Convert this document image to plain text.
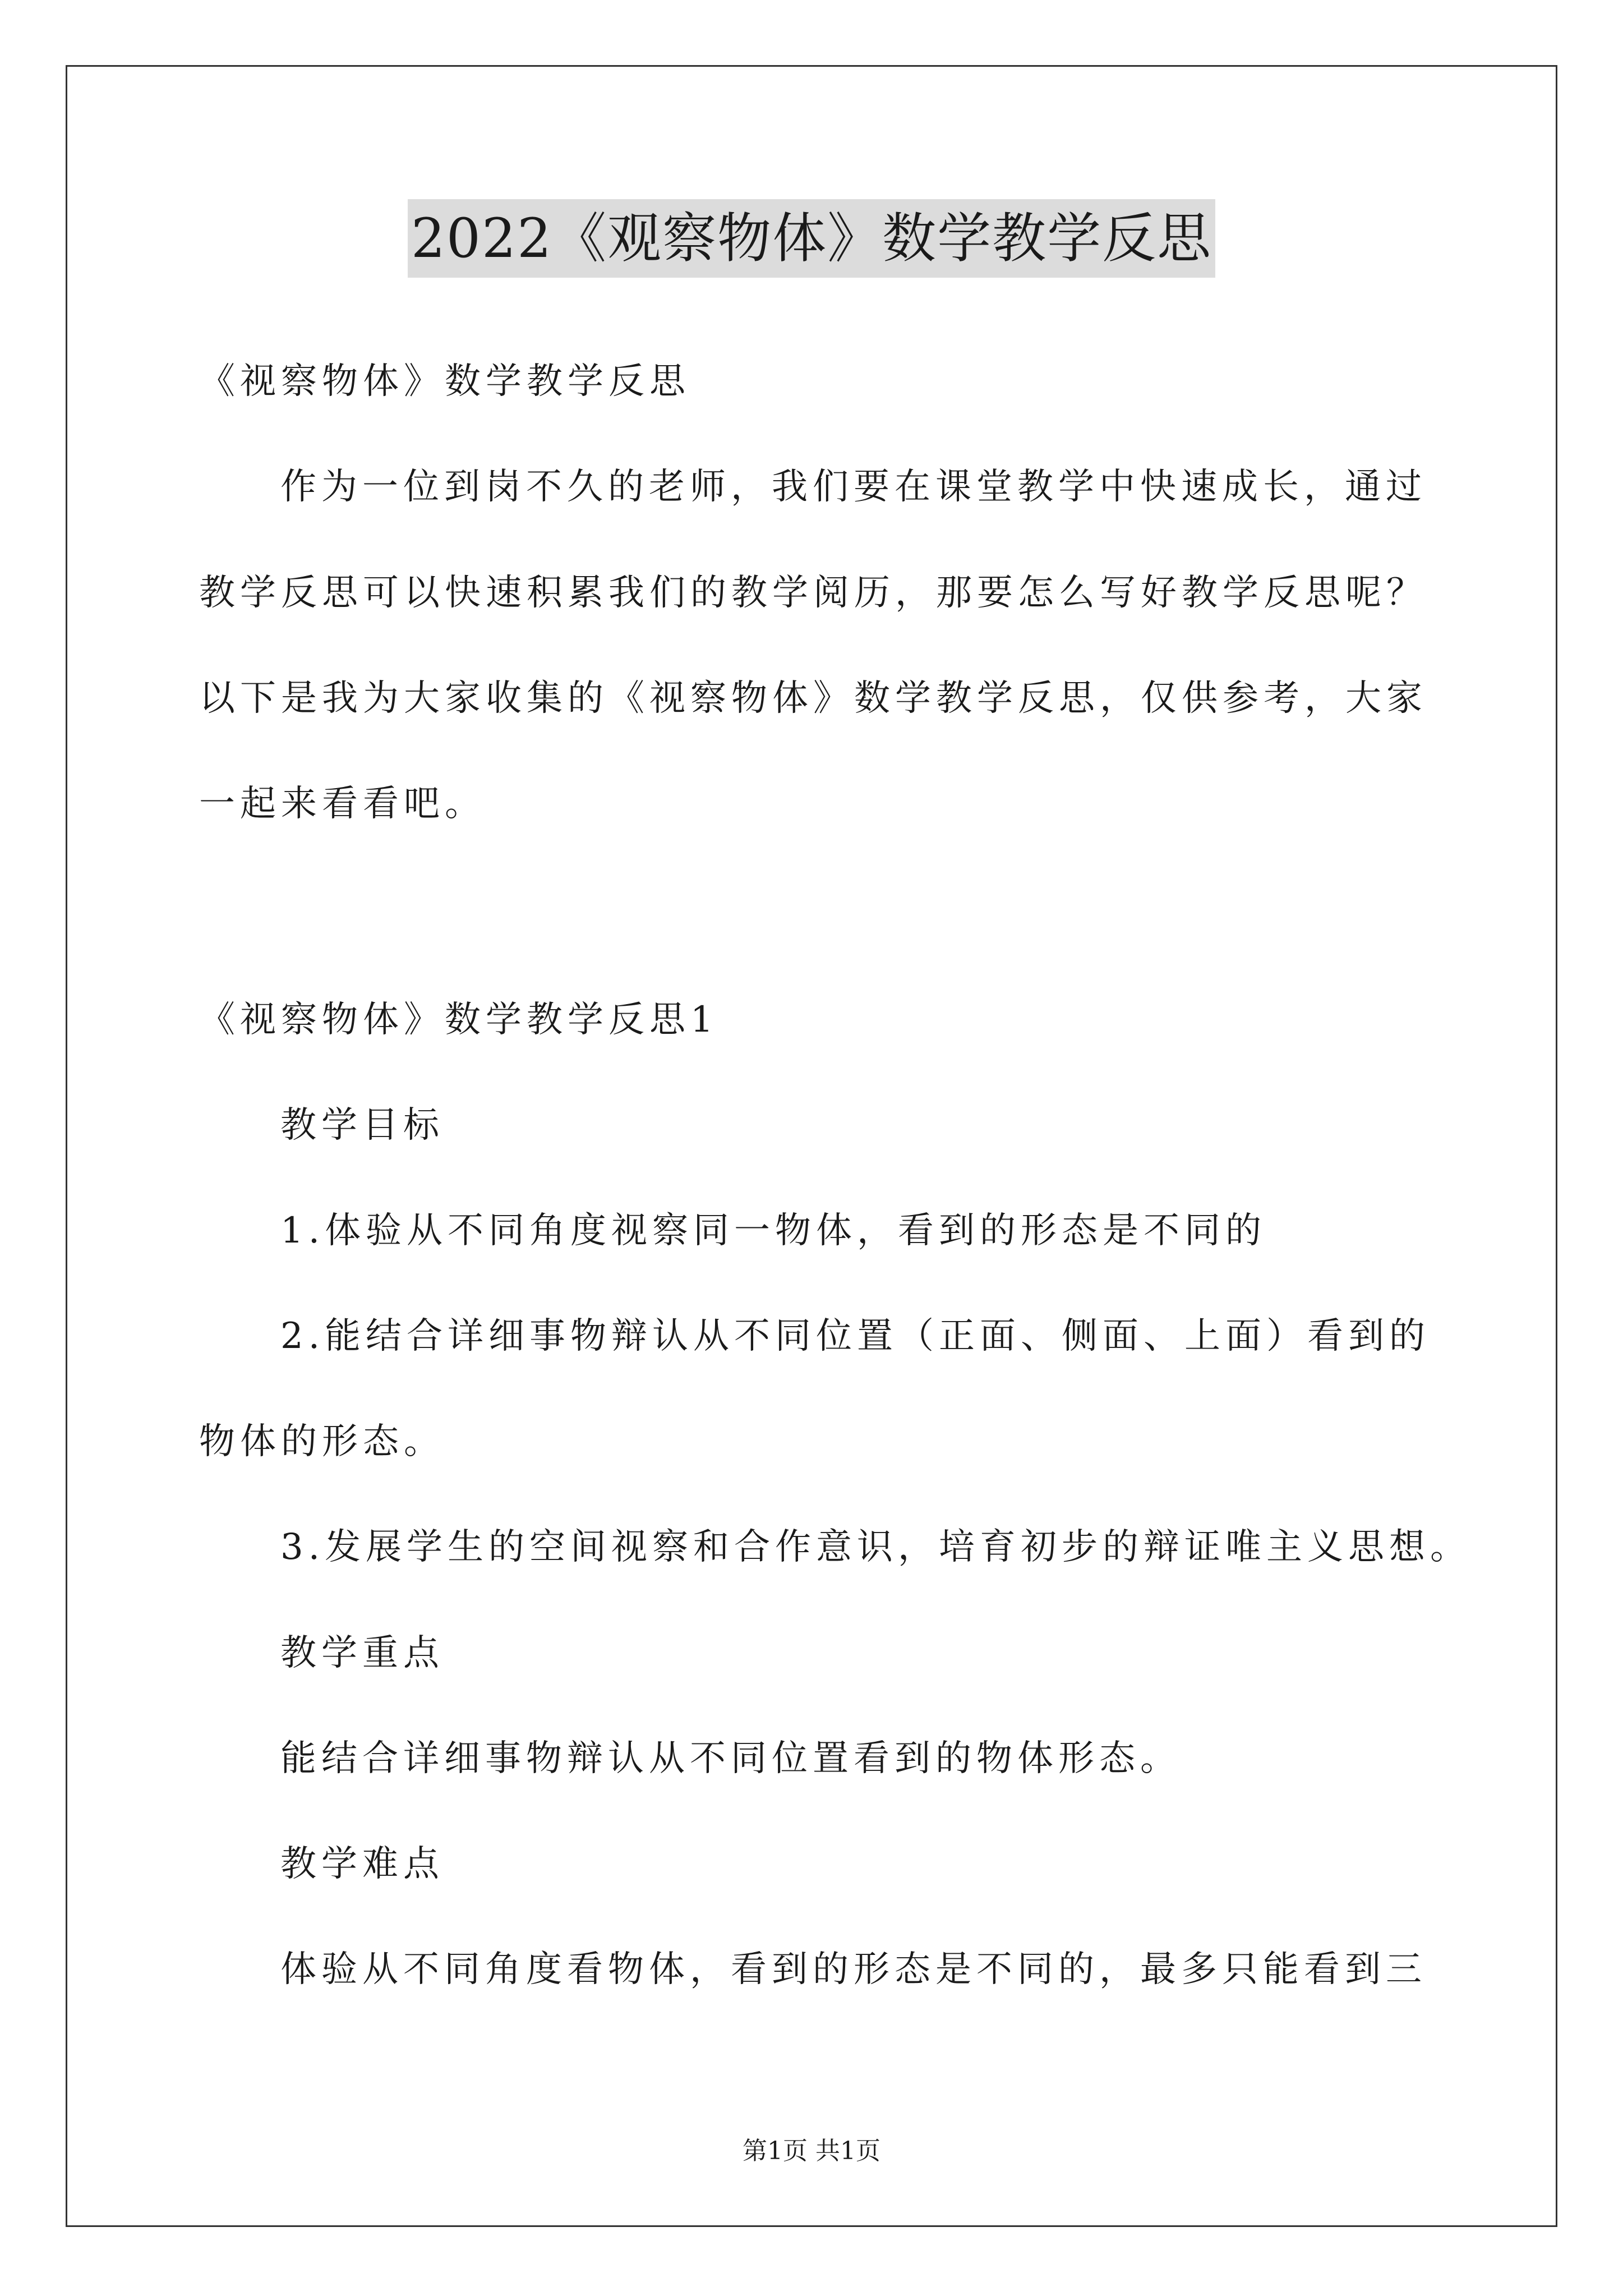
2022《观察物体》数学教学反思
《视察物体》数学教学反思
作为一位到岗不久的老师，我们要在课堂教学中快速成长，通过
教学反思可以快速积累我们的教学阅历，那要怎么写好教学反思呢？
以下是我为大家收集的《视察物体》数学教学反思，仅供参考，大家
一起来看看吧。
《视察物体》数学教学反思1
教学目标
1.体验从不同角度视察同一物体，看到的形态是不同的
2.能结合详细事物辩认从不同位置（正面、侧面、上面）看到的
物体的形态。
3.发展学生的空间视察和合作意识，培育初步的辩证唯主义思想。
教学重点
能结合详细事物辩认从不同位置看到的物体形态。
教学难点
体验从不同角度看物体，看到的形态是不同的，最多只能看到三
第1页 共1页
